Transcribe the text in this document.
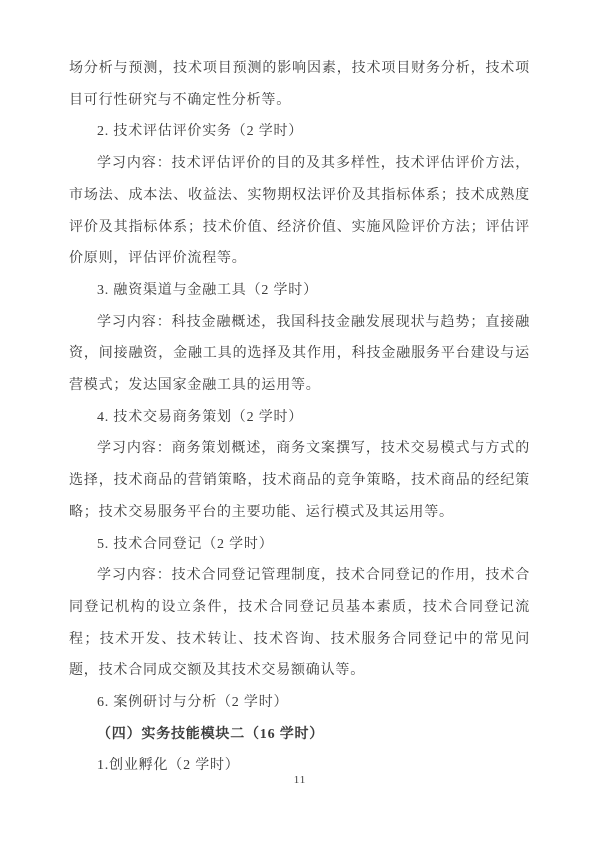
场分析与预测，技术项目预测的影响因素，技术项目财务分析，技术项目可行性研究与不确定性分析等。

2. 技术评估评价实务（2 学时）

学习内容：技术评估评价的目的及其多样性，技术评估评价方法，市场法、成本法、收益法、实物期权法评价及其指标体系；技术成熟度评价及其指标体系；技术价值、经济价值、实施风险评价方法；评估评价原则，评估评价流程等。

3. 融资渠道与金融工具（2 学时）

学习内容：科技金融概述，我国科技金融发展现状与趋势；直接融资，间接融资，金融工具的选择及其作用，科技金融服务平台建设与运营模式；发达国家金融工具的运用等。

4. 技术交易商务策划（2 学时）

学习内容：商务策划概述，商务文案撰写，技术交易模式与方式的选择，技术商品的营销策略，技术商品的竞争策略，技术商品的经纪策略；技术交易服务平台的主要功能、运行模式及其运用等。

5. 技术合同登记（2 学时）

学习内容：技术合同登记管理制度，技术合同登记的作用，技术合同登记机构的设立条件，技术合同登记员基本素质，技术合同登记流程；技术开发、技术转让、技术咨询、技术服务合同登记中的常见问题，技术合同成交额及其技术交易额确认等。

6. 案例研讨与分析（2 学时）

（四）实务技能模块二（16 学时）

1.创业孵化（2 学时）

11
